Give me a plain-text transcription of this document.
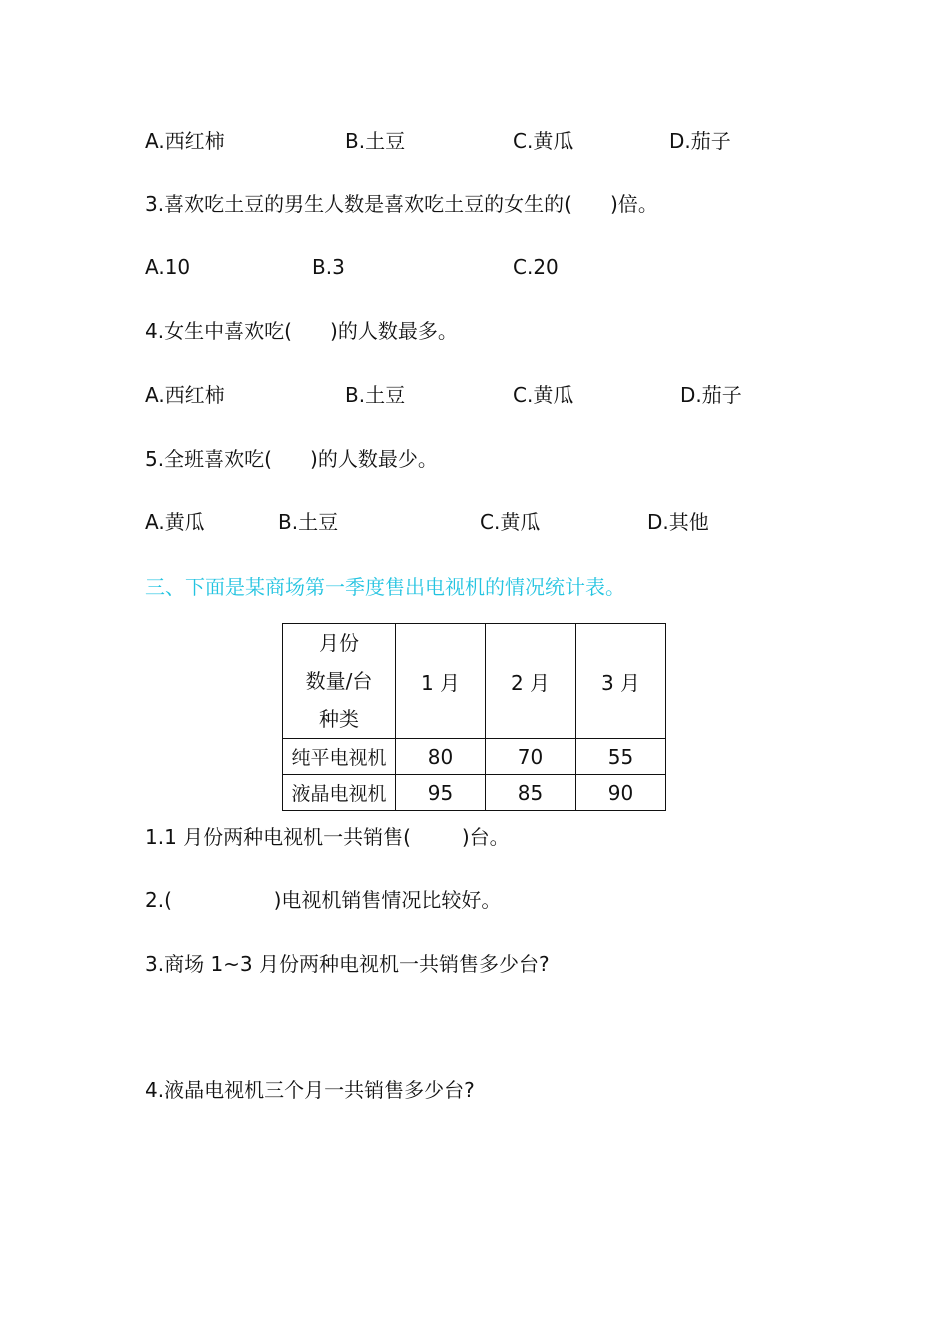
A.西红柿	B.土豆	C.黄瓜	D.茄子
3.喜欢吃土豆的男生人数是喜欢吃土豆的女生的(      )倍。
A.10	B.3	C.20
4.女生中喜欢吃(      )的人数最多。
A.西红柿	B.土豆	C.黄瓜	D.茄子
5.全班喜欢吃(      )的人数最少。
A.黄瓜	B.土豆	C.黄瓜	D.其他
三、下面是某商场第一季度售出电视机的情况统计表。
月份
数量/台
种类	1 月	2 月	3 月
纯平电视机	80	70	55
液晶电视机	95	85	90
1.1 月份两种电视机一共销售(        )台。
2.(                )电视机销售情况比较好。
3.商场 1~3 月份两种电视机一共销售多少台?
4.液晶电视机三个月一共销售多少台?
